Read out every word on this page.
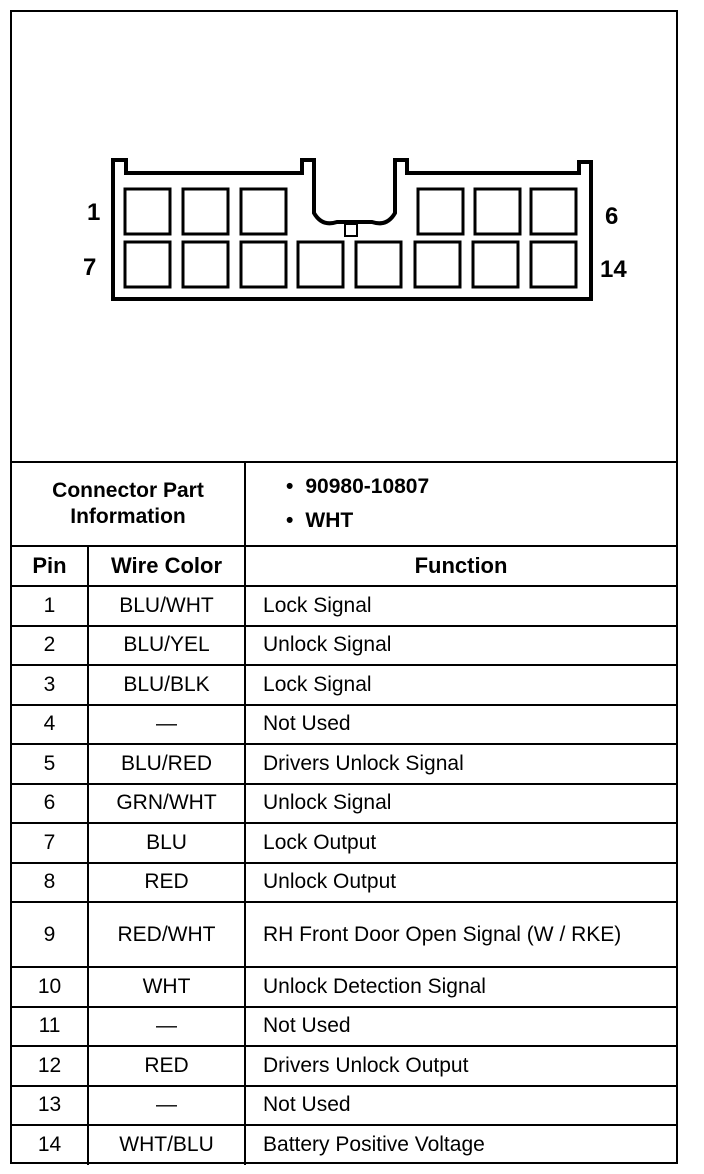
1	6
7	14
Connector Part Information		• 90980-10807
• WHT

Pin	Wire Color	Function
1	BLU/WHT	Lock Signal
2	BLU/YEL	Unlock Signal
3	BLU/BLK	Lock Signal
4	—	Not Used
5	BLU/RED	Drivers Unlock Signal
6	GRN/WHT	Unlock Signal
7	BLU	Lock Output
8	RED	Unlock Output
9	RED/WHT	RH Front Door Open Signal (W / RKE)
10	WHT	Unlock Detection Signal
11	—	Not Used
12	RED	Drivers Unlock Output
13	—	Not Used
14	WHT/BLU	Battery Positive Voltage
